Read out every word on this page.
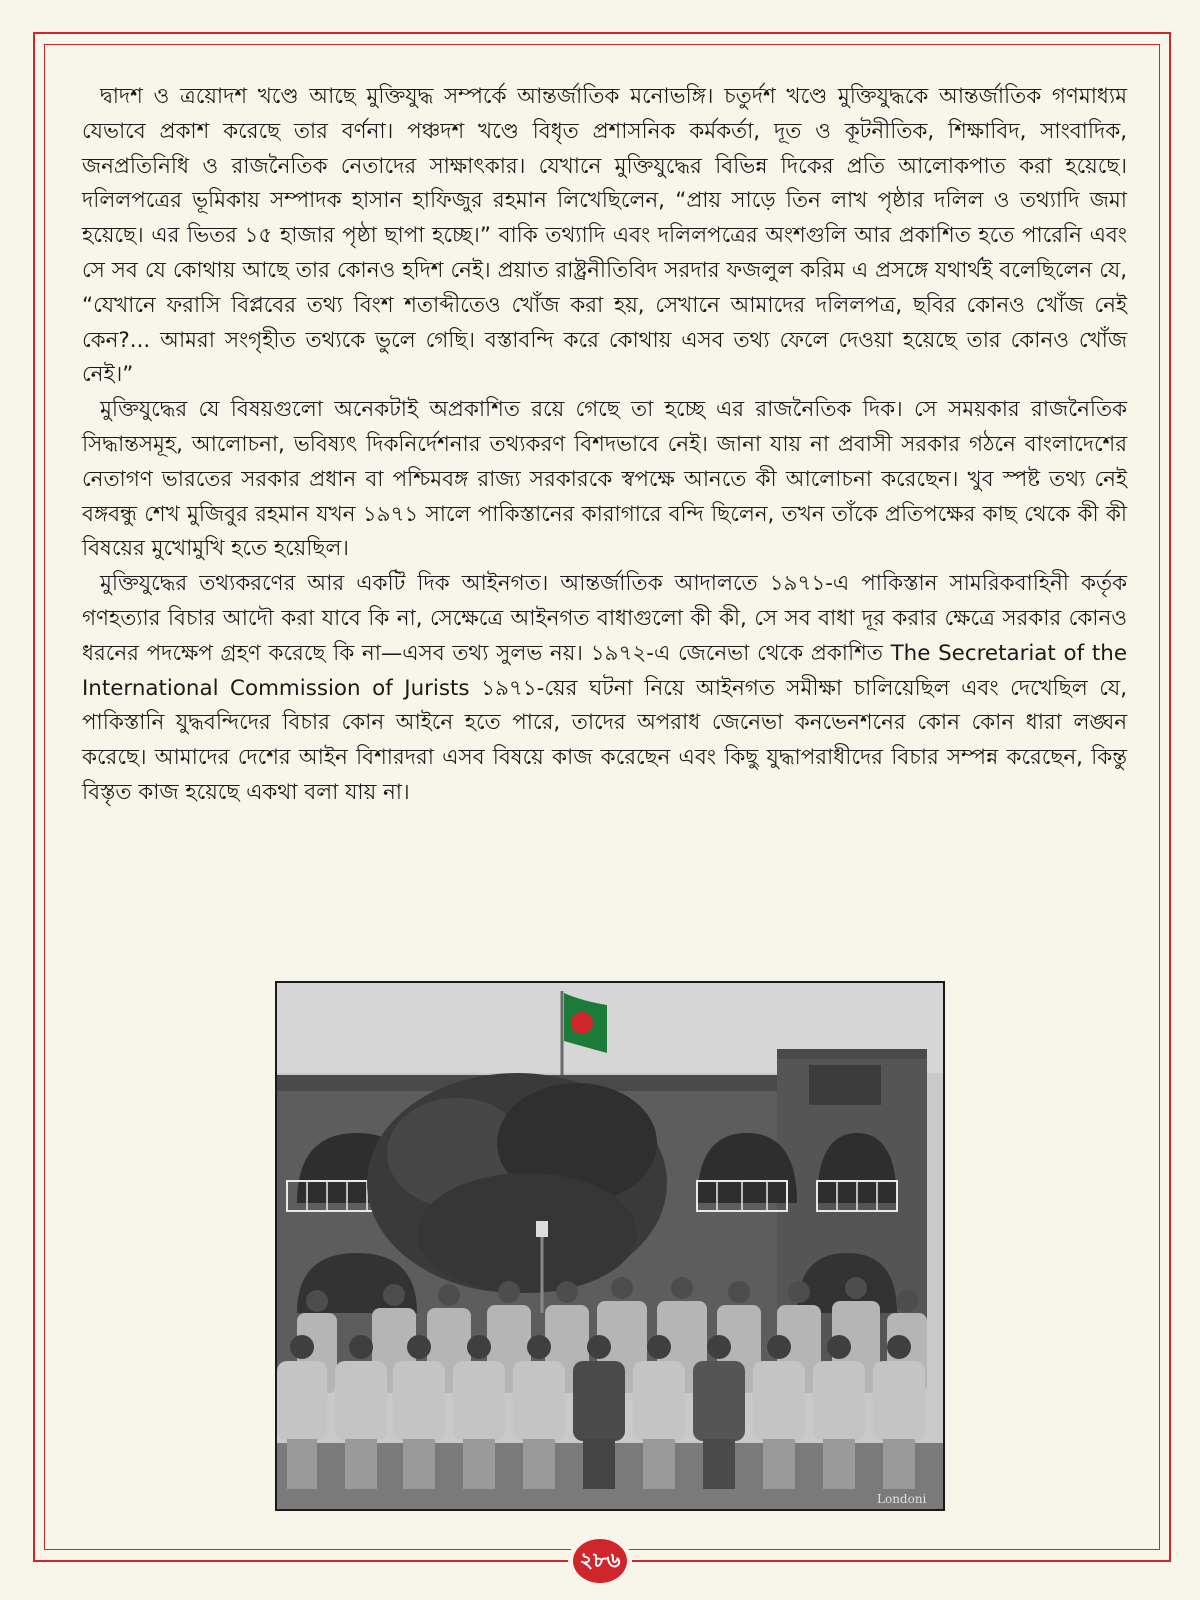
দ্বাদশ ও ত্রয়োদশ খণ্ডে আছে মুক্তিযুদ্ধ সম্পর্কে আন্তর্জাতিক মনোভঙ্গি। চতুর্দশ খণ্ডে মুক্তিযুদ্ধকে আন্তর্জাতিক গণমাধ্যম যেভাবে প্রকাশ করেছে তার বর্ণনা। পঞ্চদশ খণ্ডে বিধৃত প্রশাসনিক কর্মকর্তা, দূত ও কূটনীতিক, শিক্ষাবিদ, সাংবাদিক, জনপ্রতিনিধি ও রাজনৈতিক নেতাদের সাক্ষাৎকার। যেখানে মুক্তিযুদ্ধের বিভিন্ন দিকের প্রতি আলোকপাত করা হয়েছে। দলিলপত্রের ভূমিকায় সম্পাদক হাসান হাফিজুর রহমান লিখেছিলেন, “প্রায় সাড়ে তিন লাখ পৃষ্ঠার দলিল ও তথ্যাদি জমা হয়েছে। এর ভিতর ১৫ হাজার পৃষ্ঠা ছাপা হচ্ছে।” বাকি তথ্যাদি এবং দলিলপত্রের অংশগুলি আর প্রকাশিত হতে পারেনি এবং সে সব যে কোথায় আছে তার কোনও হদিশ নেই। প্রয়াত রাষ্ট্রনীতিবিদ সরদার ফজলুল করিম এ প্রসঙ্গে যথার্থই বলেছিলেন যে, “যেখানে ফরাসি বিপ্লবের তথ্য বিংশ শতাব্দীতেও খোঁজ করা হয়, সেখানে আমাদের দলিলপত্র, ছবির কোনও খোঁজ নেই কেন?... আমরা সংগৃহীত তথ্যকে ভুলে গেছি। বস্তাবন্দি করে কোথায় এসব তথ্য ফেলে দেওয়া হয়েছে তার কোনও খোঁজ নেই।”

মুক্তিযুদ্ধের যে বিষয়গুলো অনেকটাই অপ্রকাশিত রয়ে গেছে তা হচ্ছে এর রাজনৈতিক দিক। সে সময়কার রাজনৈতিক সিদ্ধান্তসমূহ, আলোচনা, ভবিষ্যৎ দিকনির্দেশনার তথ্যকরণ বিশদভাবে নেই। জানা যায় না প্রবাসী সরকার গঠনে বাংলাদেশের নেতাগণ ভারতের সরকার প্রধান বা পশ্চিমবঙ্গ রাজ্য সরকারকে স্বপক্ষে আনতে কী আলোচনা করেছেন। খুব স্পষ্ট তথ্য নেই বঙ্গবন্ধু শেখ মুজিবুর রহমান যখন ১৯৭১ সালে পাকিস্তানের কারাগারে বন্দি ছিলেন, তখন তাঁকে প্রতিপক্ষের কাছ থেকে কী কী বিষয়ের মুখোমুখি হতে হয়েছিল।

মুক্তিযুদ্ধের তথ্যকরণের আর একটি দিক আইনগত। আন্তর্জাতিক আদালতে ১৯৭১-এ পাকিস্তান সামরিকবাহিনী কর্তৃক গণহত্যার বিচার আদৌ করা যাবে কি না, সেক্ষেত্রে আইনগত বাধাগুলো কী কী, সে সব বাধা দূর করার ক্ষেত্রে সরকার কোনও ধরনের পদক্ষেপ গ্রহণ করেছে কি না—এসব তথ্য সুলভ নয়। ১৯৭২-এ জেনেভা থেকে প্রকাশিত The Secretariat of the International Commission of Jurists ১৯৭১-য়ের ঘটনা নিয়ে আইনগত সমীক্ষা চালিয়েছিল এবং দেখেছিল যে, পাকিস্তানি যুদ্ধবন্দিদের বিচার কোন আইনে হতে পারে, তাদের অপরাধ জেনেভা কনভেনশনের কোন কোন ধারা লঙ্ঘন করেছে। আমাদের দেশের আইন বিশারদরা এসব বিষয়ে কাজ করেছেন এবং কিছু যুদ্ধাপরাধীদের বিচার সম্পন্ন করেছেন, কিন্তু বিস্তৃত কাজ হয়েছে একথা বলা যায় না।

Londoni
২৮৬
